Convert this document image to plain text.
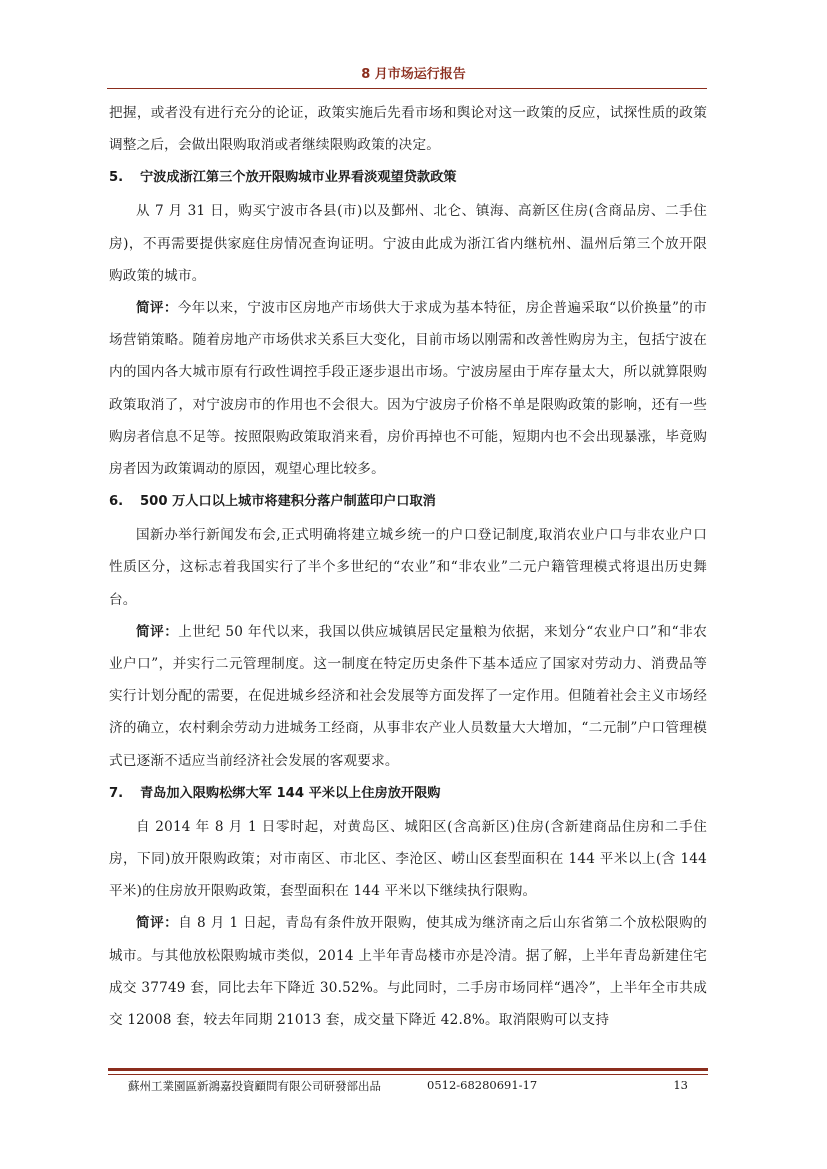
8 月市场运行报告

把握，或者没有进行充分的论证，政策实施后先看市场和舆论对这一政策的反应，试探性质的政策调整之后，会做出限购取消或者继续限购政策的决定。

5. 宁波成浙江第三个放开限购城市业界看淡观望贷款政策

从 7 月 31 日，购买宁波市各县(市)以及鄞州、北仑、镇海、高新区住房(含商品房、二手住房)，不再需要提供家庭住房情况查询证明。宁波由此成为浙江省内继杭州、温州后第三个放开限购政策的城市。

简评：今年以来，宁波市区房地产市场供大于求成为基本特征，房企普遍采取“以价换量”的市场营销策略。随着房地产市场供求关系巨大变化，目前市场以刚需和改善性购房为主，包括宁波在内的国内各大城市原有行政性调控手段正逐步退出市场。宁波房屋由于库存量太大，所以就算限购政策取消了，对宁波房市的作用也不会很大。因为宁波房子价格不单是限购政策的影响，还有一些购房者信息不足等。按照限购政策取消来看，房价再掉也不可能，短期内也不会出现暴涨，毕竟购房者因为政策调动的原因，观望心理比较多。

6. 500 万人口以上城市将建积分落户制蓝印户口取消

国新办举行新闻发布会,正式明确将建立城乡统一的户口登记制度,取消农业户口与非农业户口性质区分，这标志着我国实行了半个多世纪的“农业”和“非农业”二元户籍管理模式将退出历史舞台。

简评：上世纪 50 年代以来，我国以供应城镇居民定量粮为依据，来划分“农业户口”和“非农业户口”，并实行二元管理制度。这一制度在特定历史条件下基本适应了国家对劳动力、消费品等实行计划分配的需要，在促进城乡经济和社会发展等方面发挥了一定作用。但随着社会主义市场经济的确立，农村剩余劳动力进城务工经商，从事非农产业人员数量大大增加，“二元制”户口管理模式已逐渐不适应当前经济社会发展的客观要求。

7. 青岛加入限购松绑大军 144 平米以上住房放开限购

自 2014 年 8 月 1 日零时起，对黄岛区、城阳区(含高新区)住房(含新建商品住房和二手住房，下同)放开限购政策；对市南区、市北区、李沧区、崂山区套型面积在 144 平米以上(含 144 平米)的住房放开限购政策，套型面积在 144 平米以下继续执行限购。

简评：自 8 月 1 日起，青岛有条件放开限购，使其成为继济南之后山东省第二个放松限购的城市。与其他放松限购城市类似，2014 上半年青岛楼市亦是冷清。据了解，上半年青岛新建住宅成交 37749 套，同比去年下降近 30.52%。与此同时，二手房市场同样“遇冷”，上半年全市共成交 12008 套，较去年同期 21013 套，成交量下降近 42.8%。取消限购可以支持

蘇州工業園區新鴻嘉投資顧問有限公司研發部出品	0512-68280691-17	13
